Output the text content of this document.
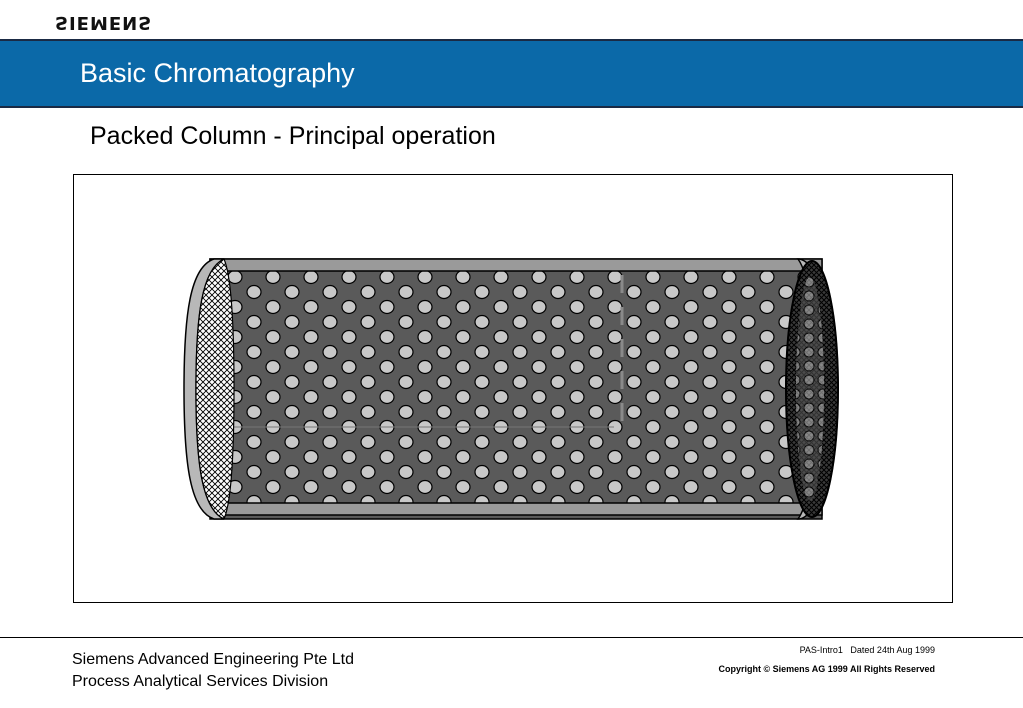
SIEMENS
Basic Chromatography
Packed Column - Principal operation
Siemens Advanced Engineering Pte Ltd
Process Analytical Services Division
PAS-Intro1   Dated 24th Aug 1999
Copyright © Siemens AG 1999 All Rights Reserved
